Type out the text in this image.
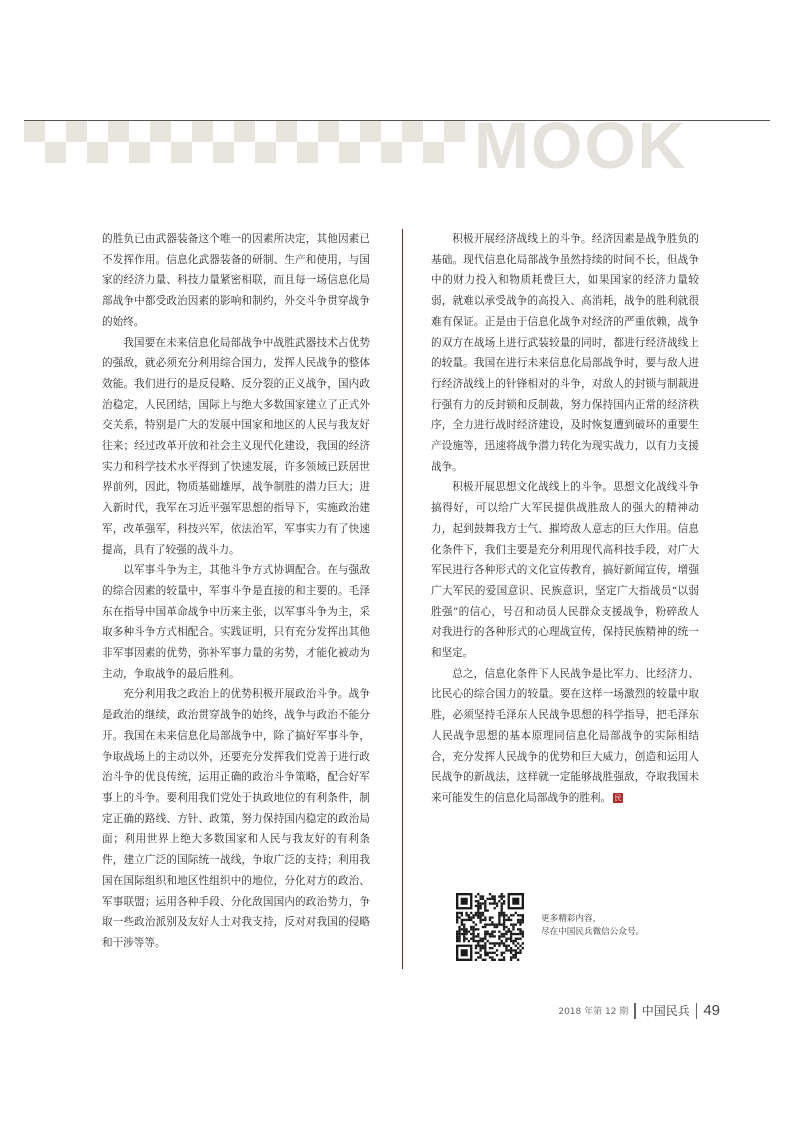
MOOK

的胜负已由武器装备这个唯一的因素所决定，其他因素已不发挥作用。信息化武器装备的研制、生产和使用，与国家的经济力量、科技力量紧密相联，而且每一场信息化局部战争中都受政治因素的影响和制约，外交斗争贯穿战争的始终。

我国要在未来信息化局部战争中战胜武器技术占优势的强敌，就必须充分利用综合国力，发挥人民战争的整体效能。我们进行的是反侵略、反分裂的正义战争，国内政治稳定，人民团结，国际上与绝大多数国家建立了正式外交关系，特别是广大的发展中国家和地区的人民与我友好往来；经过改革开放和社会主义现代化建设，我国的经济实力和科学技术水平得到了快速发展，许多领域已跃居世界前列，因此，物质基础雄厚，战争制胜的潜力巨大；进入新时代，我军在习近平强军思想的指导下，实施政治建军，改革强军，科技兴军，依法治军，军事实力有了快速提高，具有了较强的战斗力。

以军事斗争为主，其他斗争方式协调配合。在与强敌的综合因素的较量中，军事斗争是直接的和主要的。毛泽东在指导中国革命战争中历来主张，以军事斗争为主，采取多种斗争方式相配合。实践证明，只有充分发挥出其他非军事因素的优势，弥补军事力量的劣势，才能化被动为主动，争取战争的最后胜利。

充分利用我之政治上的优势积极开展政治斗争。战争是政治的继续，政治贯穿战争的始终，战争与政治不能分开。我国在未来信息化局部战争中，除了搞好军事斗争，争取战场上的主动以外，还要充分发挥我们党善于进行政治斗争的优良传统，运用正确的政治斗争策略，配合好军事上的斗争。要利用我们党处于执政地位的有利条件，制定正确的路线、方针、政策，努力保持国内稳定的政治局面；利用世界上绝大多数国家和人民与我友好的有利条件，建立广泛的国际统一战线，争取广泛的支持；利用我国在国际组织和地区性组织中的地位，分化对方的政治、军事联盟；运用各种手段、分化敌国国内的政治势力，争取一些政治派别及友好人士对我支持，反对对我国的侵略和干涉等等。

积极开展经济战线上的斗争。经济因素是战争胜负的基础。现代信息化局部战争虽然持续的时间不长，但战争中的财力投入和物质耗费巨大，如果国家的经济力量较弱，就难以承受战争的高投入、高消耗，战争的胜利就很难有保证。正是由于信息化战争对经济的严重依赖，战争的双方在战场上进行武装较量的同时，都进行经济战线上的较量。我国在进行未来信息化局部战争时，要与敌人进行经济战线上的针锋相对的斗争，对敌人的封锁与制裁进行强有力的反封锁和反制裁，努力保持国内正常的经济秩序，全力进行战时经济建设，及时恢复遭到破坏的重要生产设施等，迅速将战争潜力转化为现实战力，以有力支援战争。

积极开展思想文化战线上的斗争。思想文化战线斗争搞得好，可以给广大军民提供战胜敌人的强大的精神动力，起到鼓舞我方士气、摧垮敌人意志的巨大作用。信息化条件下，我们主要是充分利用现代高科技手段，对广大军民进行各种形式的文化宣传教育，搞好新闻宣传，增强广大军民的爱国意识、民族意识，坚定广大指战员“以弱胜强”的信心，号召和动员人民群众支援战争，粉碎敌人对我进行的各种形式的心理战宣传，保持民族精神的统一和坚定。

总之，信息化条件下人民战争是比军力、比经济力、比民心的综合国力的较量。要在这样一场激烈的较量中取胜，必须坚持毛泽东人民战争思想的科学指导，把毛泽东人民战争思想的基本原理同信息化局部战争的实际相结合，充分发挥人民战争的优势和巨大威力，创造和运用人民战争的新战法，这样就一定能够战胜强敌，夺取我国未来可能发生的信息化局部战争的胜利。 民

更多精彩内容，
尽在中国民兵微信公众号。
2018 年第 12 期 中国民兵 49
